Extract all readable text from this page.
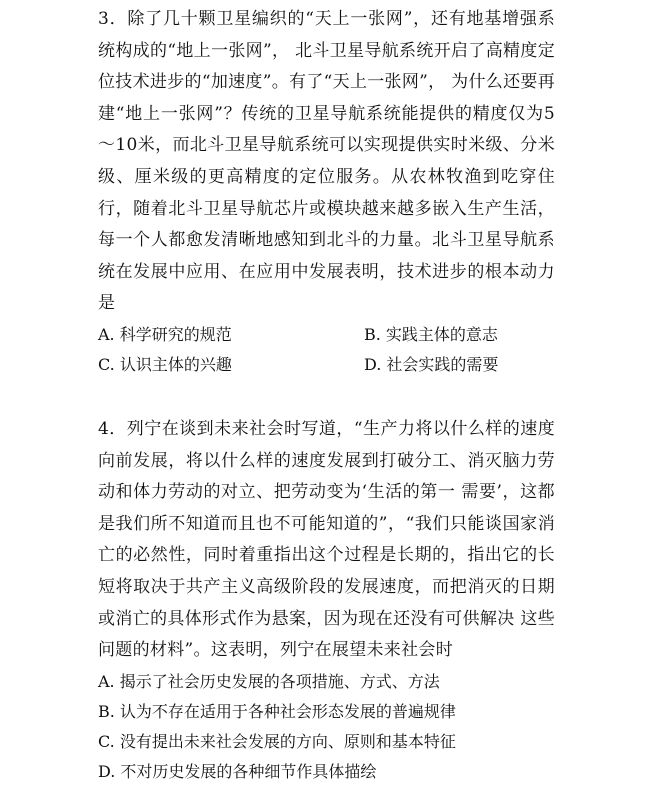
3．除了几十颗卫星编织的“天上一张网”，还有地基增强系统构成的“地上一张网”， 北斗卫星导航系统开启了高精度定位技术进步的“加速度”。有了“天上一张网”， 为什么还要再建“地上一张网”？传统的卫星导航系统能提供的精度仅为5～10米，而北斗卫星导航系统可以实现提供实时米级、分米级、厘米级的更高精度的定位服务。从农林牧渔到吃穿住行，随着北斗卫星导航芯片或模块越来越多嵌入生产生活，每一个人都愈发清晰地感知到北斗的力量。北斗卫星导航系统在发展中应用、在应用中发展表明，技术进步的根本动力是

A. 科学研究的规范	B. 实践主体的意志
C. 认识主体的兴趣	D. 社会实践的需要

4．列宁在谈到未来社会时写道，“生产力将以什么样的速度向前发展，将以什么样的速度发展到打破分工、消灭脑力劳动和体力劳动的对立、把劳动变为‘生活的第一 需要’，这都是我们所不知道而且也不可能知道的”，“我们只能谈国家消亡的必然性，同时着重指出这个过程是长期的，指出它的长短将取决于共产主义高级阶段的发展速度，而把消灭的日期或消亡的具体形式作为悬案，因为现在还没有可供解决 这些问题的材料”。这表明，列宁在展望未来社会时

A. 揭示了社会历史发展的各项措施、方式、方法
B. 认为不存在适用于各种社会形态发展的普遍规律
C. 没有提出未来社会发展的方向、原则和基本特征
D. 不对历史发展的各种细节作具体描绘
